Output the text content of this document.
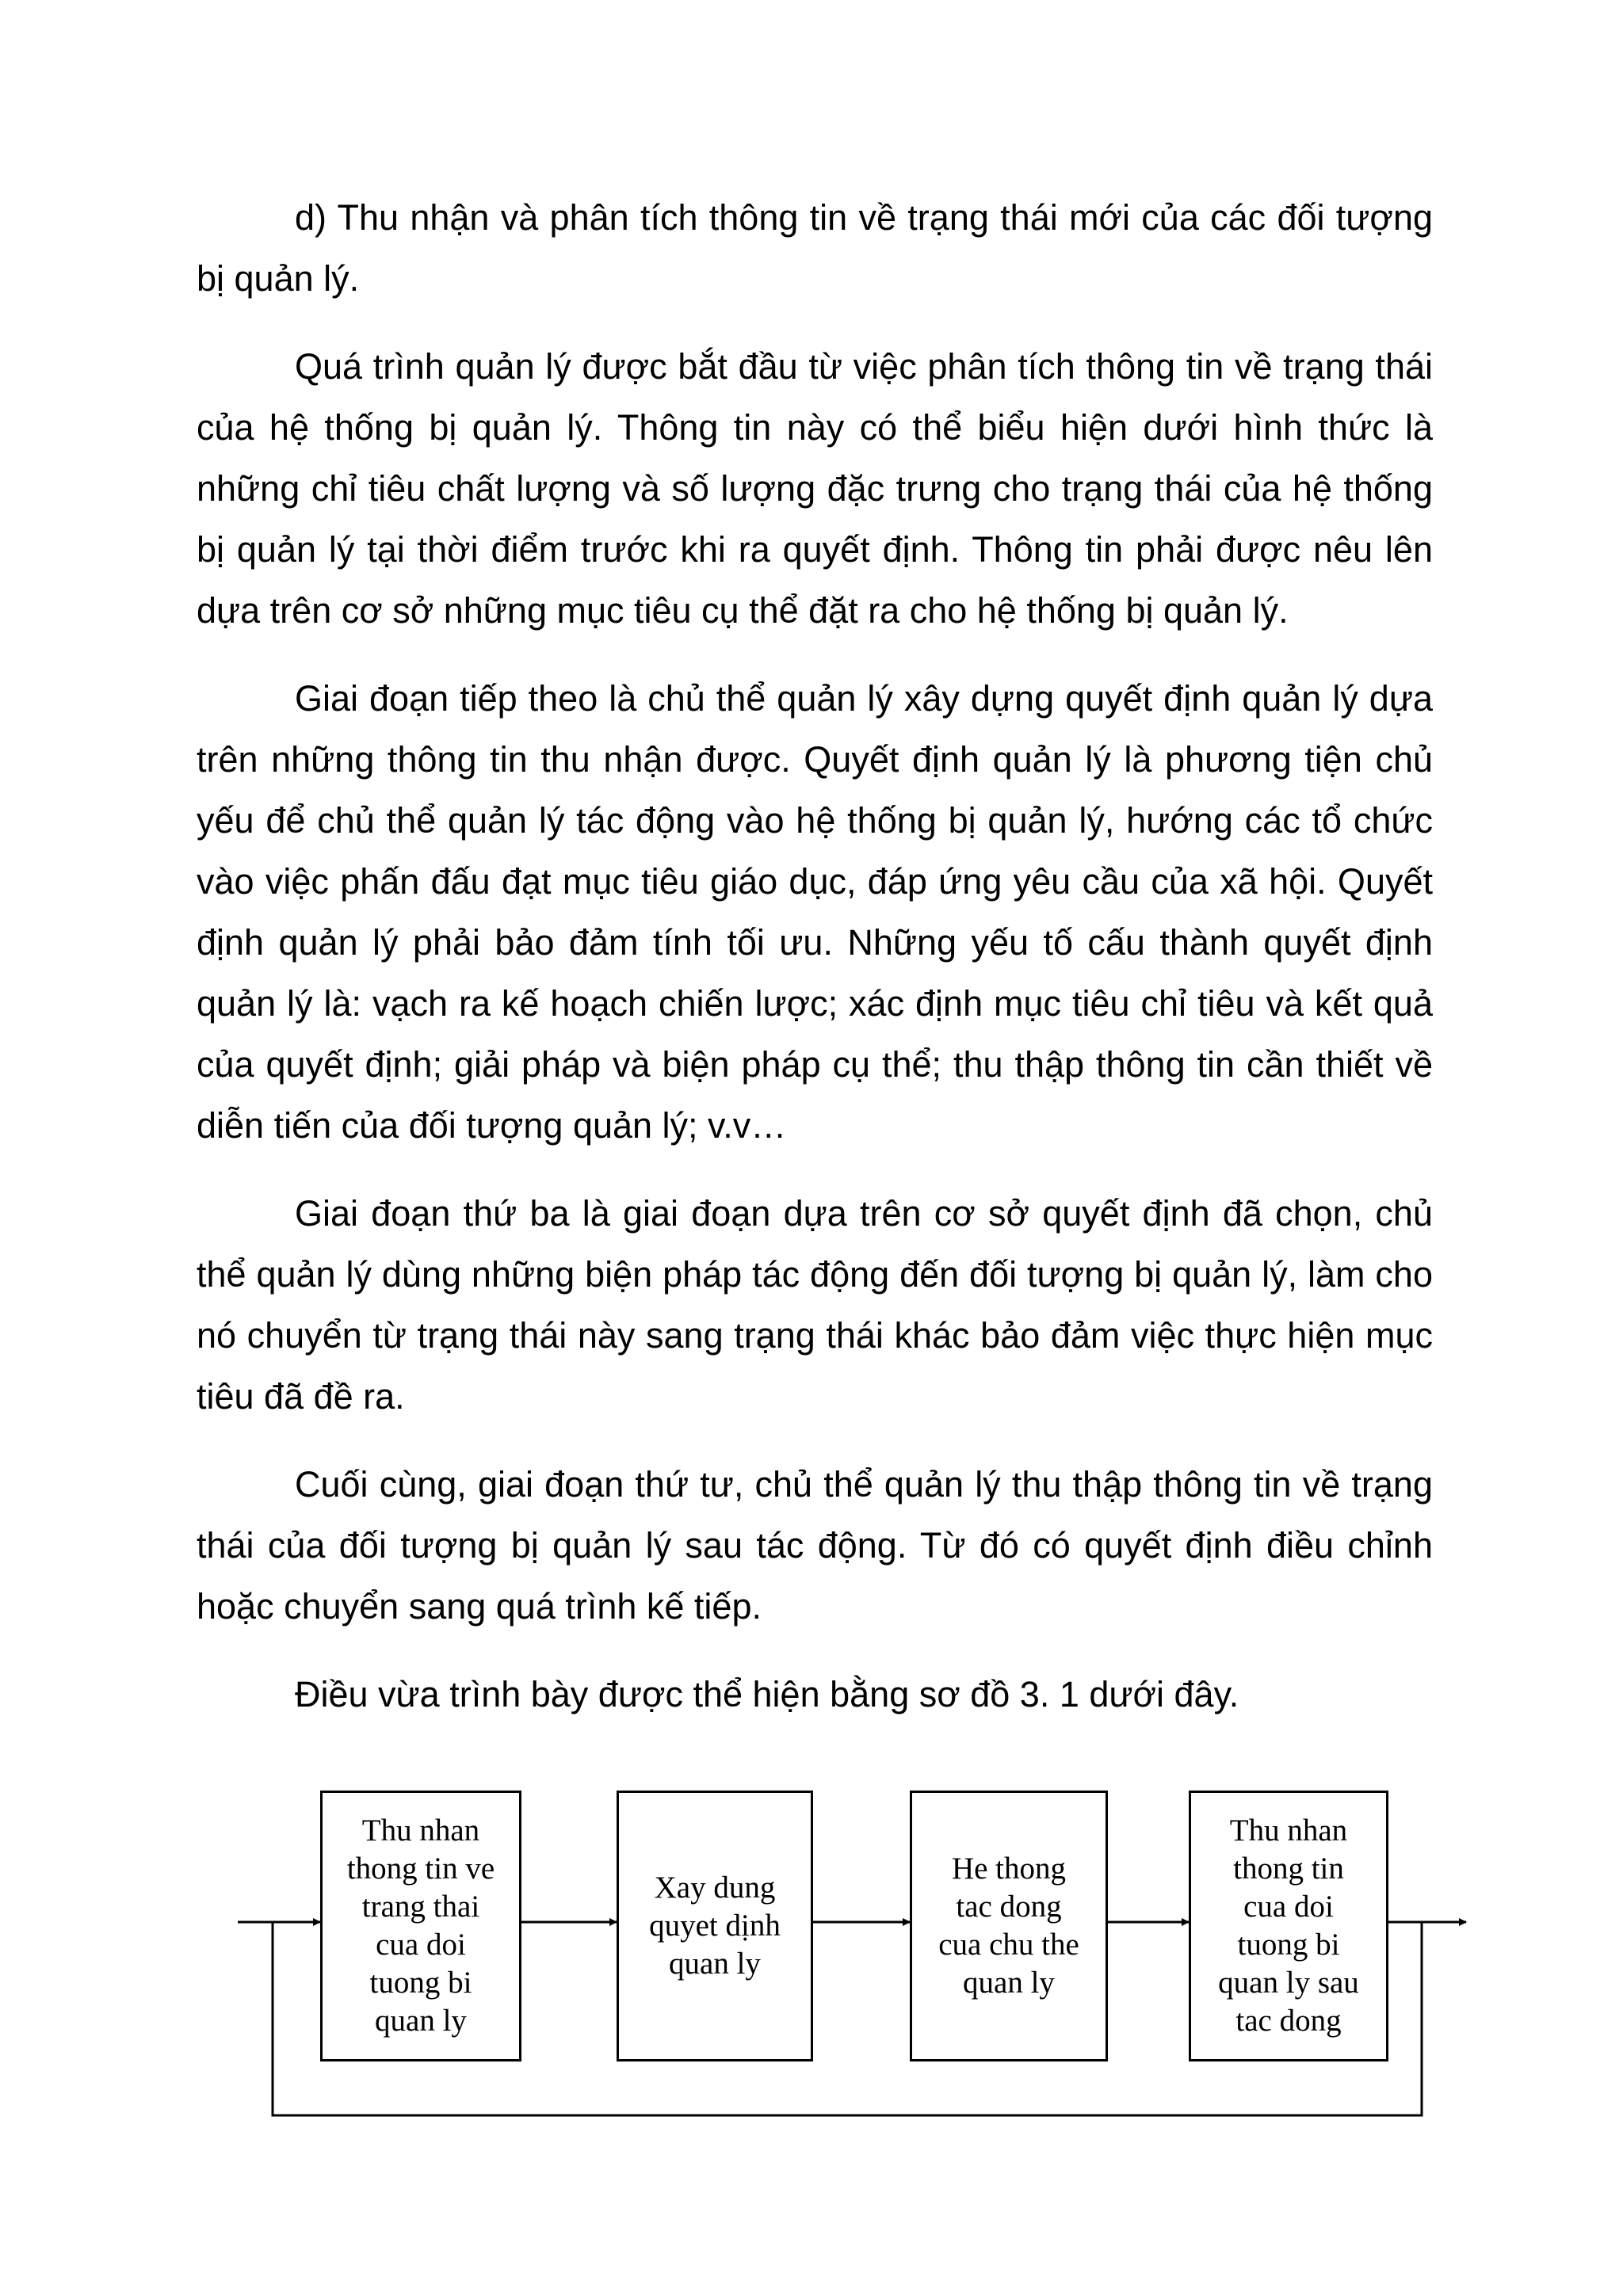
d) Thu nhận và phân tích thông tin về trạng thái mới của các đối tượng bị quản lý.

Quá trình quản lý được bắt đầu từ việc phân tích thông tin về trạng thái của hệ thống bị quản lý. Thông tin này có thể biểu hiện dưới hình thức là những chỉ tiêu chất lượng và số lượng đặc trưng cho trạng thái của hệ thống bị quản lý tại thời điểm trước khi ra quyết định. Thông tin phải được nêu lên dựa trên cơ sở những mục tiêu cụ thể đặt ra cho hệ thống bị quản lý.

Giai đoạn tiếp theo là chủ thể quản lý xây dựng quyết định quản lý dựa trên những thông tin thu nhận được. Quyết định quản lý là phương tiện chủ yếu để chủ thể quản lý tác động vào hệ thống bị quản lý, hướng các tổ chức vào việc phấn đấu đạt mục tiêu giáo dục, đáp ứng yêu cầu của xã hội. Quyết định quản lý phải bảo đảm tính tối ưu. Những yếu tố cấu thành quyết định quản lý là: vạch ra kế hoạch chiến lược; xác định mục tiêu chỉ tiêu và kết quả của quyết định; giải pháp và biện pháp cụ thể; thu thập thông tin cần thiết về diễn tiến của đối tượng quản lý; v.v…

Giai đoạn thứ ba là giai đoạn dựa trên cơ sở quyết định đã chọn, chủ thể quản lý dùng những biện pháp tác động đến đối tượng bị quản lý, làm cho nó chuyển từ trạng thái này sang trạng thái khác bảo đảm việc thực hiện mục tiêu đã đề ra.

Cuối cùng, giai đoạn thứ tư, chủ thể quản lý thu thập thông tin về trạng thái của đối tượng bị quản lý sau tác động. Từ đó có quyết định điều chỉnh hoặc chuyển sang quá trình kế tiếp.

Điều vừa trình bày được thể hiện bằng sơ đồ 3. 1 dưới đây.

Thu nhan
thong tin ve
trang thai
cua doi
tuong bi
quan ly
Xay dung
quyet dịnh
quan ly
He thong
tac dong
cua chu the
quan ly
Thu nhan
thong tin
cua doi
tuong bi
quan ly sau
tac dong
